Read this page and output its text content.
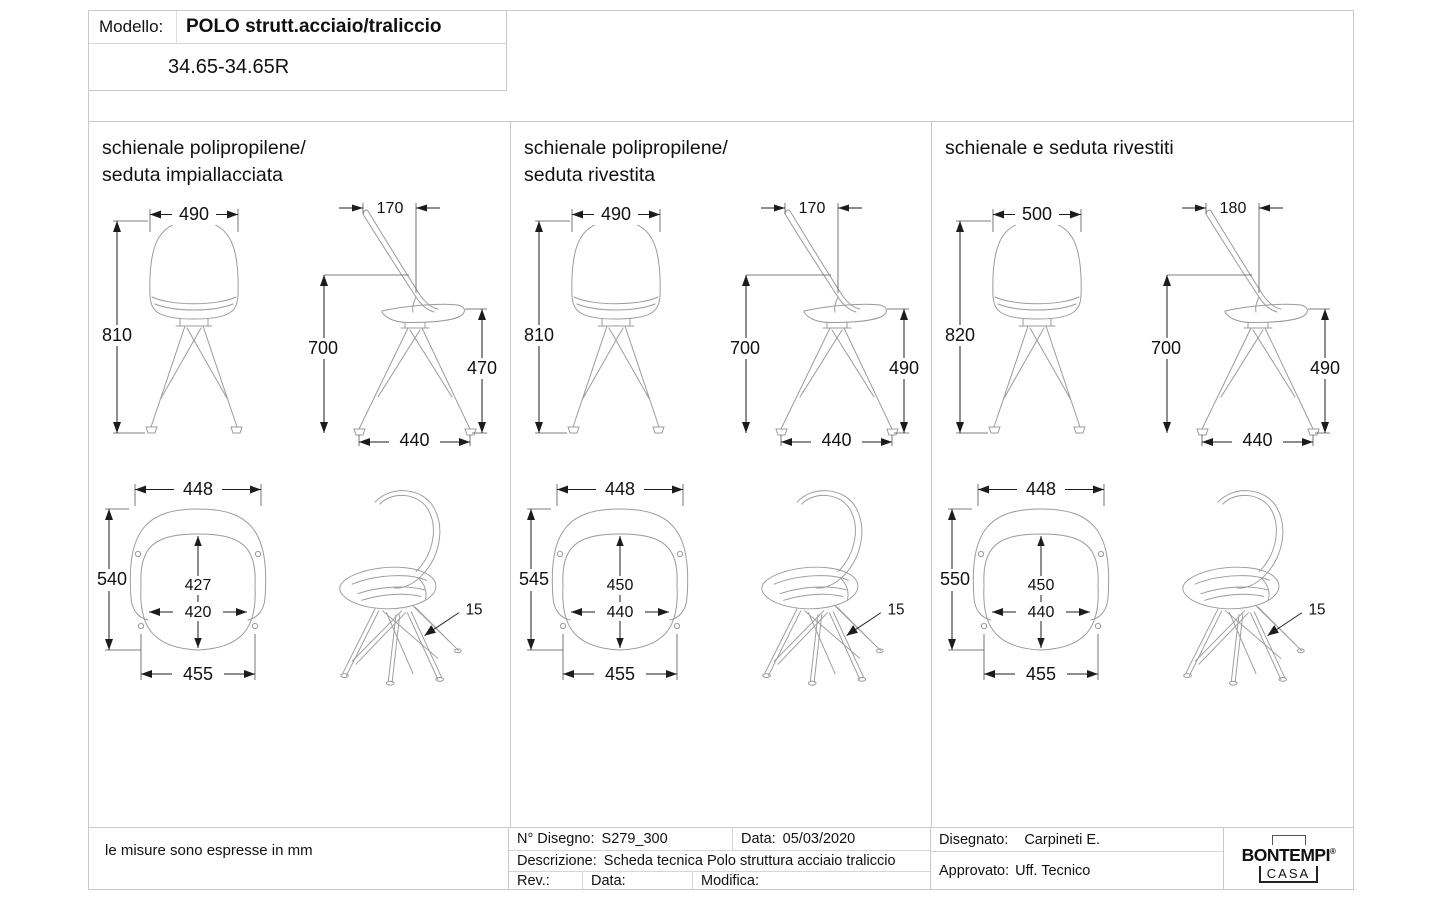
Modello:	POLO strutt.acciaio/traliccio
34.65-34.65R
schienale polipropilene/
seduta impiallacciata
490
810
170
700
470
440
448
540	427
420
455
15
schienale polipropilene/
seduta rivestita
490
810
170
700
490
440
448
545	450
440
455
15
schienale e seduta rivestiti
500
820
180
700
490
440
448
550	450
440
455
15
le misure sono espresse in mm
N° Disegno: S279_300	Data: 05/03/2020
Descrizione: Scheda tecnica Polo struttura acciaio traliccio
Rev.:	Data:	Modifica:
Disegnato: Carpineti E.
Approvato: Uff. Tecnico
BONTEMPI®
CASA
